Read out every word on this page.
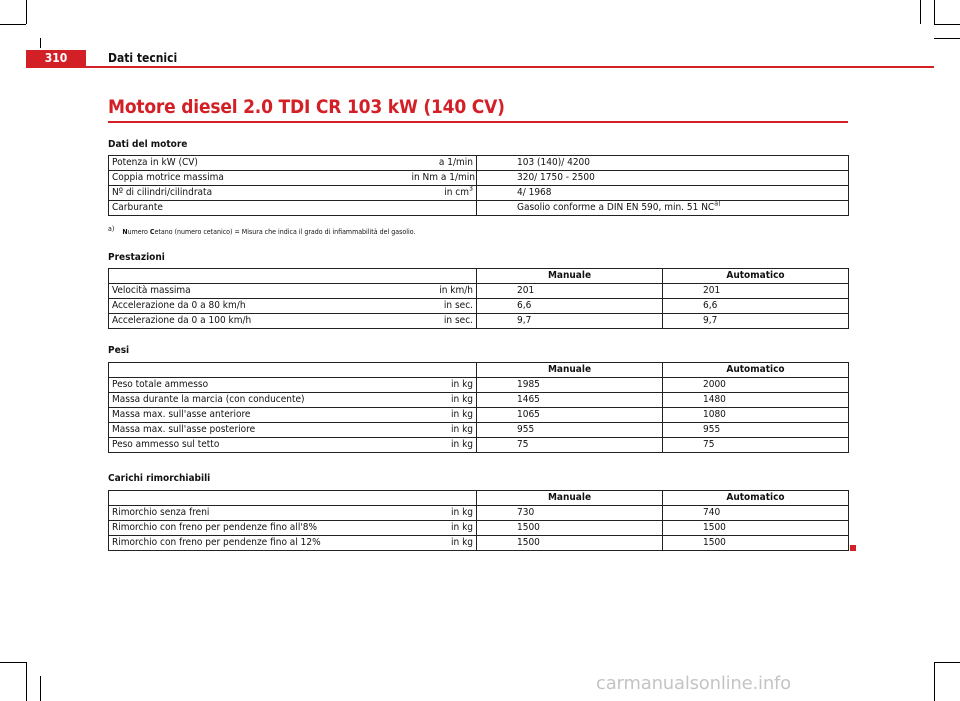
310	Dati tecnici
Motore diesel 2.0 TDI CR 103 kW (140 CV)
Dati del motore
Potenza in kW (CV)	a 1/min	103 (140)/ 4200
Coppia motrice massima	in Nm a 1/min	320/ 1750 - 2500
Nº di cilindri/cilindrata	in $cm^3$	4/ 1968
Carburante		Gasolio conforme a DIN EN 590, min. 51 NC$^{a)}$
$^{a)}$ Numero Cetano (numero cetanico) = Misura che indica il grado di infiammabilità del gasolio.
Prestazioni
		Manuale	Automatico
Velocità massima	in km/h	201	201
Accelerazione da 0 a 80 km/h	in sec.	6,6	6,6
Accelerazione da 0 a 100 km/h	in sec.	9,7	9,7
Pesi
		Manuale	Automatico
Peso totale ammesso	in kg	1985	2000
Massa durante la marcia (con conducente)	in kg	1465	1480
Massa max. sull'asse anteriore	in kg	1065	1080
Massa max. sull'asse posteriore	in kg	955	955
Peso ammesso sul tetto	in kg	75	75
Carichi rimorchiabili
		Manuale	Automatico
Rimorchio senza freni	in kg	730	740
Rimorchio con freno per pendenze fino all'8%	in kg	1500	1500
Rimorchio con freno per pendenze fino al 12%	in kg	1500	1500
carmanualsonline.info
